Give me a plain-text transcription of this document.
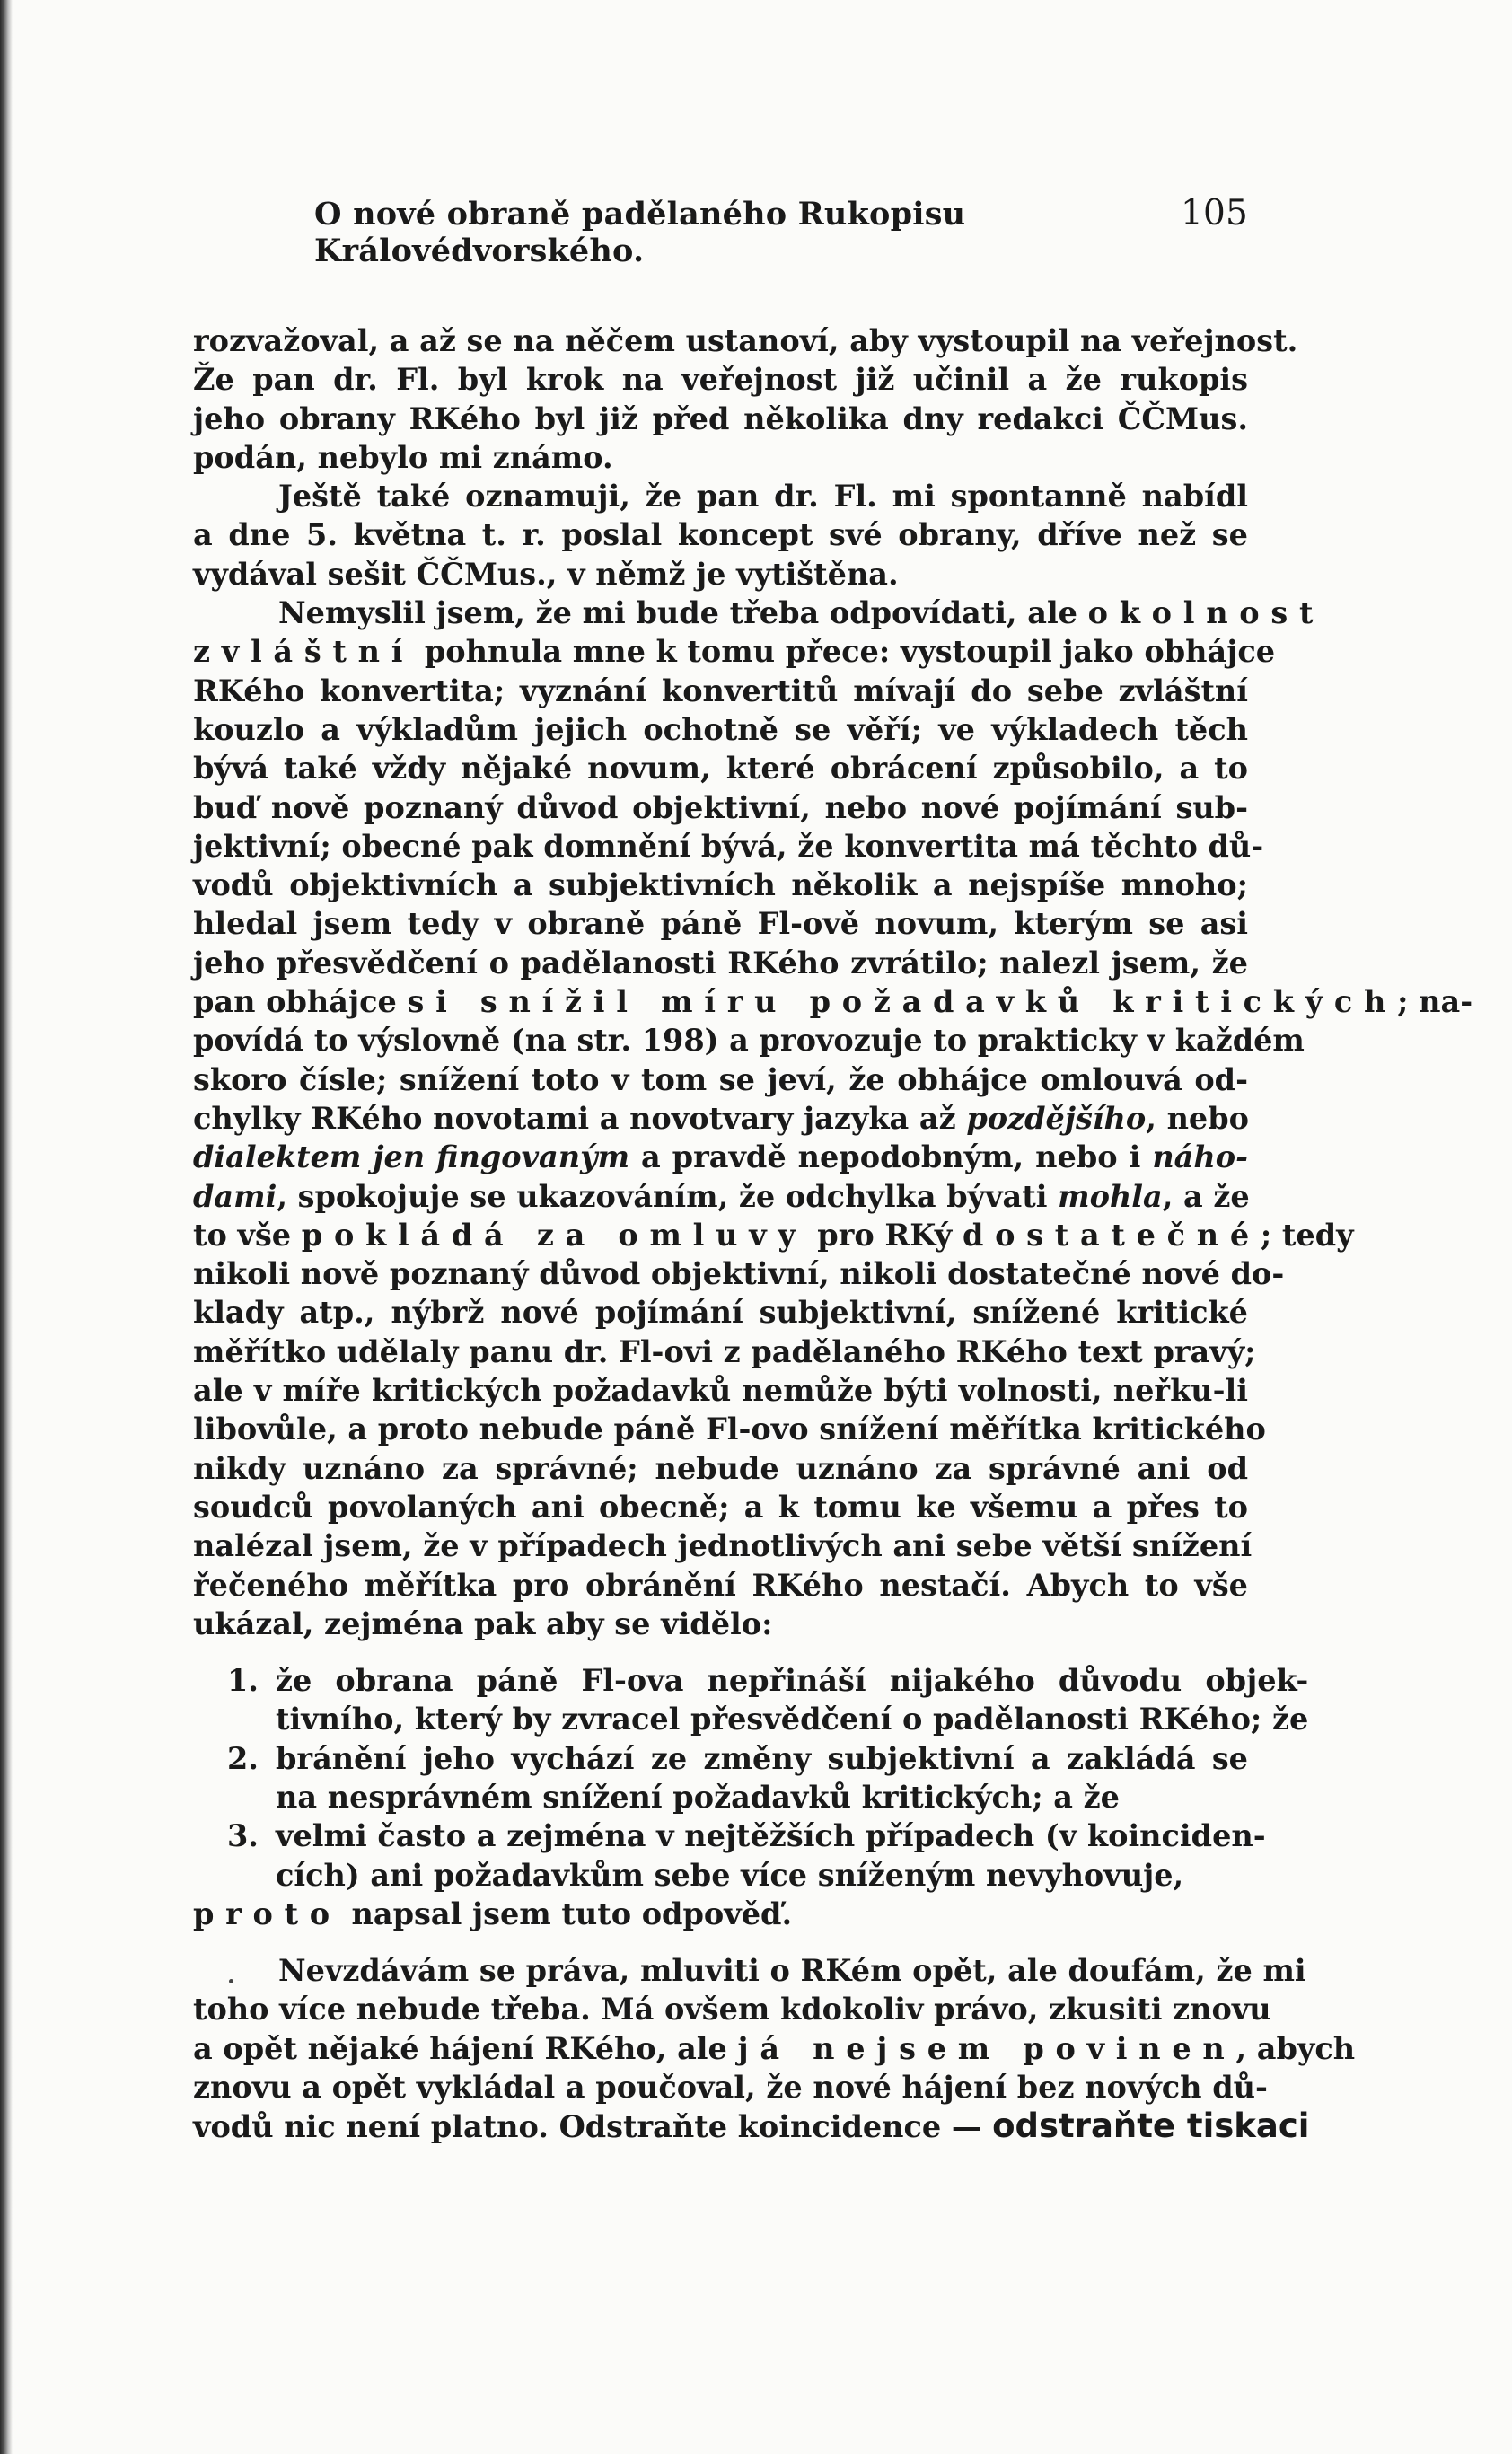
O nové obraně padělaného Rukopisu Královédvorského.
105
rozvažoval, a až se na něčem ustanoví, aby vystoupil na veřejnost.
Že pan dr. Fl. byl krok na veřejnost již učinil a že rukopis
jeho obrany RKého byl již před několika dny redakci ČČMus.
podán, nebylo mi známo.
Ještě také oznamuji, že pan dr. Fl. mi spontanně nabídl
a dne 5. května t. r. poslal koncept své obrany, dříve než se
vydával sešit ČČMus., v němž je vytištěna.
Nemyslil jsem, že mi bude třeba odpovídati, ale okolnost
zvláštní pohnula mne k tomu přece: vystoupil jako obhájce
RKého konvertita; vyznání konvertitů mívají do sebe zvláštní
kouzlo a výkladům jejich ochotně se věří; ve výkladech těch
bývá také vždy nějaké novum, které obrácení způsobilo, a to
buď nově poznaný důvod objektivní, nebo nové pojímání sub-
jektivní; obecné pak domnění bývá, že konvertita má těchto dů-
vodů objektivních a subjektivních několik a nejspíše mnoho;
hledal jsem tedy v obraně páně Fl-ově novum, kterým se asi
jeho přesvědčení o padělanosti RKého zvrátilo; nalezl jsem, že
pan obhájce si snížil míru požadavků kritických; na-
povídá to výslovně (na str. 198) a provozuje to prakticky v každém
skoro čísle; snížení toto v tom se jeví, že obhájce omlouvá od-
chylky RKého novotami a novotvary jazyka až pozdějšího, nebo
dialektem jen fingovaným a pravdě nepodobným, nebo i náho-
dami, spokojuje se ukazováním, že odchylka bývati mohla, a že
to vše pokládá za omluvy pro RKý dostatečné; tedy
nikoli nově poznaný důvod objektivní, nikoli dostatečné nové do-
klady atp., nýbrž nové pojímání subjektivní, snížené kritické
měřítko udělaly panu dr. Fl-ovi z padělaného RKého text pravý;
ale v míře kritických požadavků nemůže býti volnosti, neřku-li
libovůle, a proto nebude páně Fl-ovo snížení měřítka kritického
nikdy uznáno za správné; nebude uznáno za správné ani od
soudců povolaných ani obecně; a k tomu ke všemu a přes to
nalézal jsem, že v případech jednotlivých ani sebe větší snížení
řečeného měřítka pro obránění RKého nestačí. Abych to vše
ukázal, zejména pak aby se vidělo:
1. že obrana páně Fl-ova nepřináší nijakého důvodu objek-
tivního, který by zvracel přesvědčení o padělanosti RKého; že
2. bránění jeho vychází ze změny subjektivní a zakládá se
na nesprávném snížení požadavků kritických; a že
3. velmi často a zejména v nejtěžších případech (v koinciden-
cích) ani požadavkům sebe více sníženým nevyhovuje,
proto napsal jsem tuto odpověď.
Nevzdávám se práva, mluviti o RKém opět, ale doufám, že mi
toho více nebude třeba. Má ovšem kdokoliv právo, zkusiti znovu
a opět nějaké hájení RKého, ale já nejsem povinen, abych
znovu a opět vykládal a poučoval, že nové hájení bez nových dů-
vodů nic není platno. Odstraňte koincidence — odstraňte tiskaci
